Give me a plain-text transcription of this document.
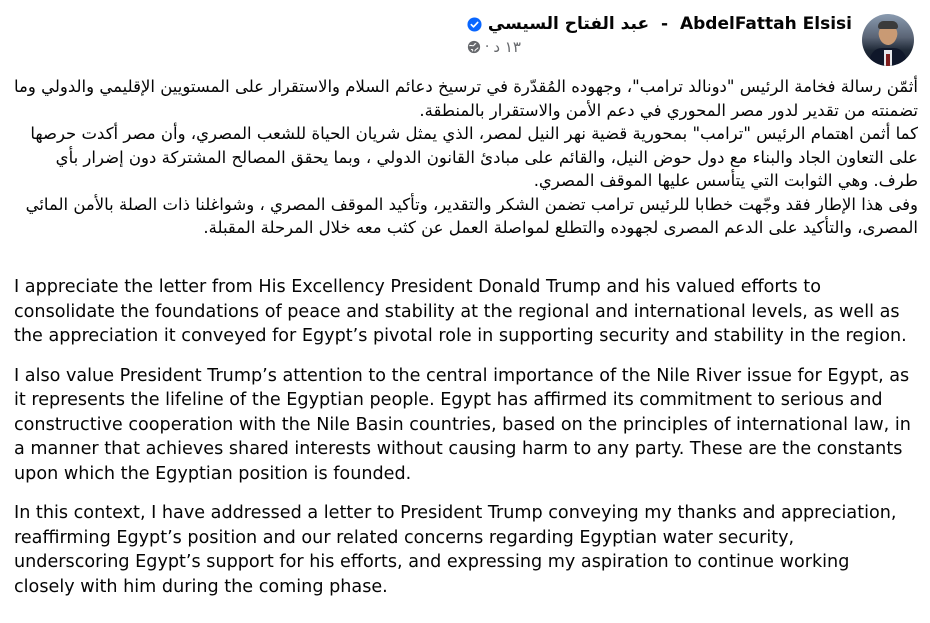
AbdelFattah Elsisi
-
عبد الفتاح السيسي
١٣ د
·

أثمّن رسالة فخامة الرئيس "دونالد ترامب"، وجهوده المُقدّرة في ترسيخ دعائم السلام والاستقرار على المستويين الإقليمي والدولي وما تضمنته من تقدير لدور مصر المحوري في دعم الأمن والاستقرار بالمنطقة.

كما أثمن اهتمام الرئيس "ترامب" بمحورية قضية نهر النيل لمصر، الذي يمثل شريان الحياة للشعب المصري، وأن مصر أكدت حرصها على التعاون الجاد والبناء مع دول حوض النيل، والقائم على مبادئ القانون الدولي ، وبما يحقق المصالح المشتركة دون إضرار بأي طرف. وهي الثوابت التي يتأسس عليها الموقف المصري.

وفى هذا الإطار فقد وجّهت خطابا للرئيس ترامب تضمن الشكر والتقدير، وتأكيد الموقف المصري ، وشواغلنا ذات الصلة بالأمن المائي المصرى، والتأكيد على الدعم المصرى لجهوده والتطلع لمواصلة العمل عن كثب معه خلال المرحلة المقبلة.

I appreciate the letter from His Excellency President Donald Trump and his valued efforts to consolidate the foundations of peace and stability at the regional and international levels, as well as the appreciation it conveyed for Egypt’s pivotal role in supporting security and stability in the region.

I also value President Trump’s attention to the central importance of the Nile River issue for Egypt, as it represents the lifeline of the Egyptian people. Egypt has affirmed its commitment to serious and constructive cooperation with the Nile Basin countries, based on the principles of international law, in a manner that achieves shared interests without causing harm to any party. These are the constants upon which the Egyptian position is founded.

In this context, I have addressed a letter to President Trump conveying my thanks and appreciation, reaffirming Egypt’s position and our related concerns regarding Egyptian water security, underscoring Egypt’s support for his efforts, and expressing my aspiration to continue working closely with him during the coming phase.
